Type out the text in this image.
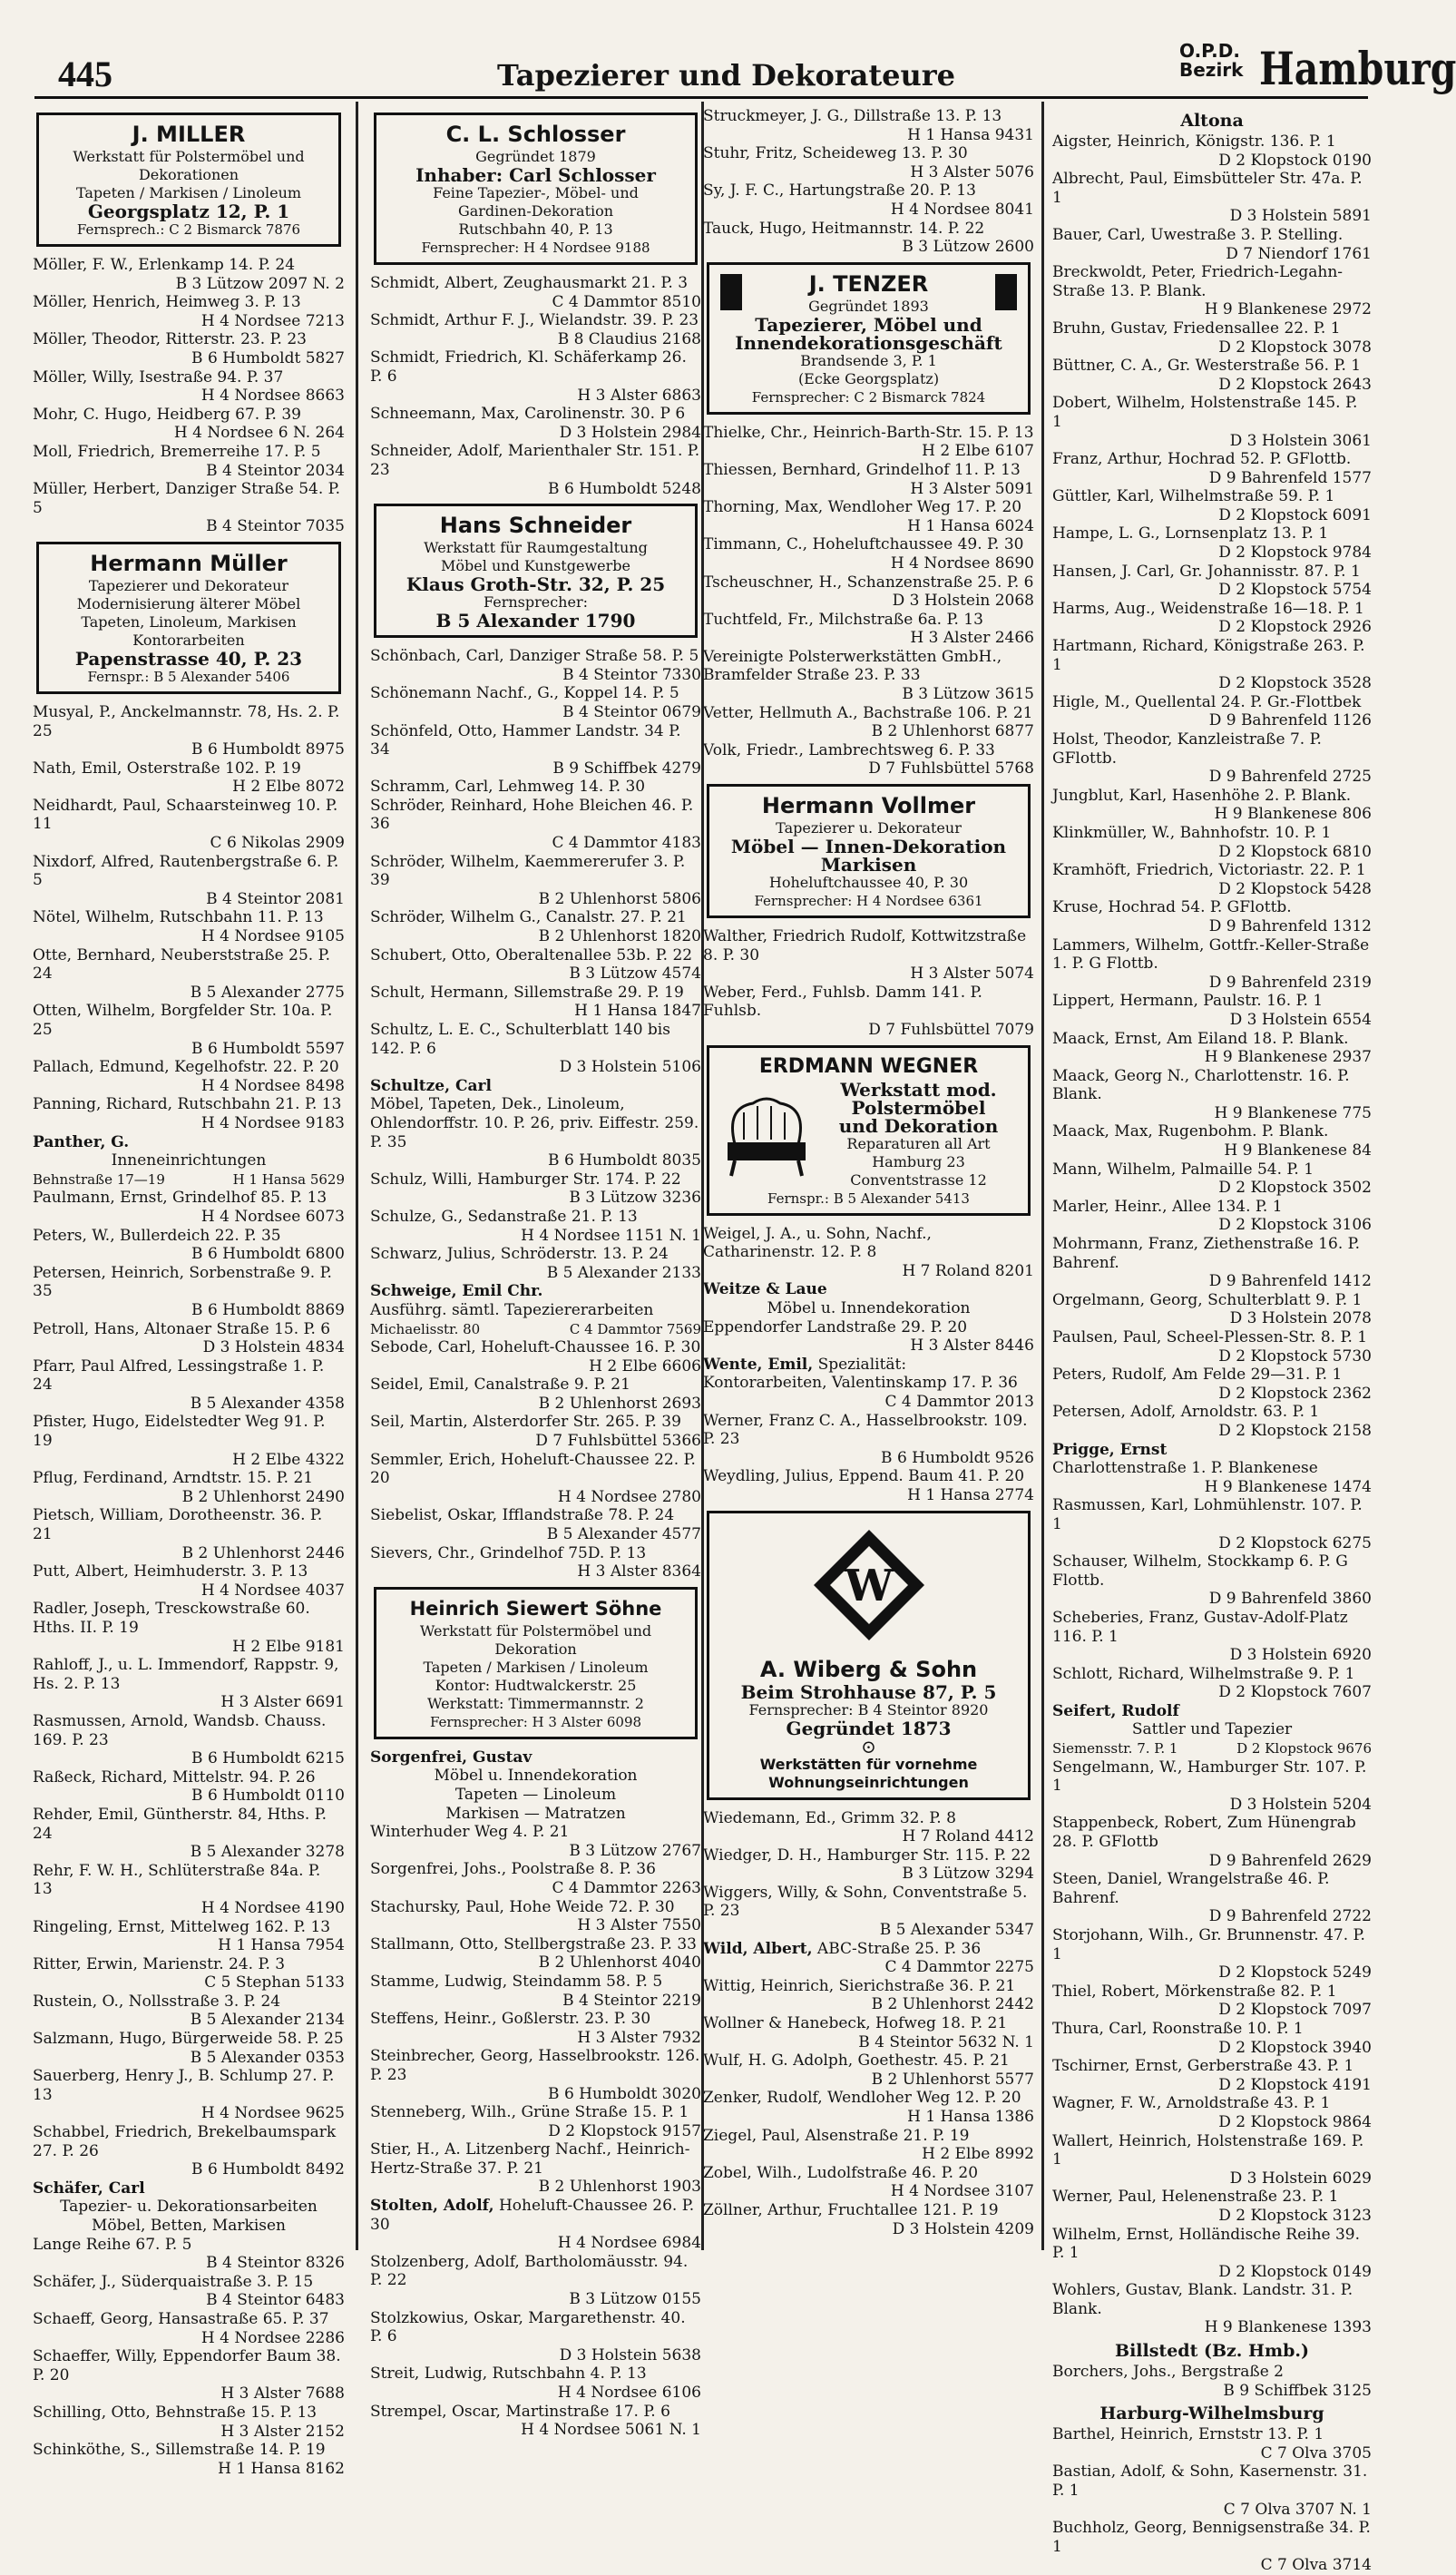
445	Tapezierer und Dekorateure
O.P.D.
Bezirk Hamburg
J. MILLER
Werkstatt für Polstermöbel und
Dekorationen
Tapeten / Markisen / Linoleum
Georgsplatz 12, P. 1
Fernsprech.: C 2 Bismarck 7876
Möller, F. W., Erlenkamp 14. P. 24
B 3 Lützow 2097 N. 2
Möller, Henrich, Heimweg 3. P. 13
H 4 Nordsee 7213
Möller, Theodor, Ritterstr. 23. P. 23
B 6 Humboldt 5827
Möller, Willy, Isestraße 94. P. 37
H 4 Nordsee 8663
Mohr, C. Hugo, Heidberg 67. P. 39
H 4 Nordsee 6 N. 264
Moll, Friedrich, Bremerreihe 17. P. 5
B 4 Steintor 2034
Müller, Herbert, Danziger Straße 54. P. 5
B 4 Steintor 7035
Hermann Müller
Tapezierer und Dekorateur
Modernisierung älterer Möbel
Tapeten, Linoleum, Markisen
Kontorarbeiten
Papenstrasse 40, P. 23
Fernspr.: B 5 Alexander 5406
Musyal, P., Anckelmannstr. 78, Hs. 2. P. 25
B 6 Humboldt 8975
Nath, Emil, Osterstraße 102. P. 19
H 2 Elbe 8072
Neidhardt, Paul, Schaarsteinweg 10. P. 11
C 6 Nikolas 2909
Nixdorf, Alfred, Rautenbergstraße 6. P. 5
B 4 Steintor 2081
Nötel, Wilhelm, Rutschbahn 11. P. 13
H 4 Nordsee 9105
Otte, Bernhard, Neuberststraße 25. P. 24
B 5 Alexander 2775
Otten, Wilhelm, Borgfelder Str. 10a. P. 25
B 6 Humboldt 5597
Pallach, Edmund, Kegelhofstr. 22. P. 20
H 4 Nordsee 8498
Panning, Richard, Rutschbahn 21. P. 13
H 4 Nordsee 9183
Panther, G.
Inneneinrichtungen
Behnstraße 17—19	H 1 Hansa 5629
Paulmann, Ernst, Grindelhof 85. P. 13
H 4 Nordsee 6073
Peters, W., Bullerdeich 22. P. 35
B 6 Humboldt 6800
Petersen, Heinrich, Sorbenstraße 9. P. 35
B 6 Humboldt 8869
Petroll, Hans, Altonaer Straße 15. P. 6
D 3 Holstein 4834
Pfarr, Paul Alfred, Lessingstraße 1. P. 24
B 5 Alexander 4358
Pfister, Hugo, Eidelstedter Weg 91. P. 19
H 2 Elbe 4322
Pflug, Ferdinand, Arndtstr. 15. P. 21
B 2 Uhlenhorst 2490
Pietsch, William, Dorotheenstr. 36. P. 21
B 2 Uhlenhorst 2446
Putt, Albert, Heimhuderstr. 3. P. 13
H 4 Nordsee 4037
Radler, Joseph, Tresckowstraße 60. Hths. II. P. 19
H 2 Elbe 9181
Rahloff, J., u. L. Immendorf, Rappstr. 9, Hs. 2. P. 13
H 3 Alster 6691
Rasmussen, Arnold, Wandsb. Chauss. 169. P. 23
B 6 Humboldt 6215
Raßeck, Richard, Mittelstr. 94. P. 26
B 6 Humboldt 0110
Rehder, Emil, Güntherstr. 84, Hths. P. 24
B 5 Alexander 3278
Rehr, F. W. H., Schlüterstraße 84a. P. 13
H 4 Nordsee 4190
Ringeling, Ernst, Mittelweg 162. P. 13
H 1 Hansa 7954
Ritter, Erwin, Marienstr. 24. P. 3
C 5 Stephan 5133
Rustein, O., Nollsstraße 3. P. 24
B 5 Alexander 2134
Salzmann, Hugo, Bürgerweide 58. P. 25
B 5 Alexander 0353
Sauerberg, Henry J., B. Schlump 27. P. 13
H 4 Nordsee 9625
Schabbel, Friedrich, Brekelbaumspark 27. P. 26
B 6 Humboldt 8492
Schäfer, Carl
Tapezier- u. Dekorationsarbeiten
Möbel, Betten, Markisen
Lange Reihe 67. P. 5
B 4 Steintor 8326
Schäfer, J., Süderquaistraße 3. P. 15
B 4 Steintor 6483
Schaeff, Georg, Hansastraße 65. P. 37
H 4 Nordsee 2286
Schaeffer, Willy, Eppendorfer Baum 38. P. 20
H 3 Alster 7688
Schilling, Otto, Behnstraße 15. P. 13
H 3 Alster 2152
Schinköthe, S., Sillemstraße 14. P. 19
H 1 Hansa 8162
C. L. Schlosser
Gegründet 1879
Inhaber: Carl Schlosser
Feine Tapezier-, Möbel- und
Gardinen-Dekoration
Rutschbahn 40, P. 13
Fernsprecher: H 4 Nordsee 9188
Schmidt, Albert, Zeughausmarkt 21. P. 3
C 4 Dammtor 8510
Schmidt, Arthur F. J., Wielandstr. 39. P. 23
B 8 Claudius 2168
Schmidt, Friedrich, Kl. Schäferkamp 26. P. 6
H 3 Alster 6863
Schneemann, Max, Carolinenstr. 30. P 6
D 3 Holstein 2984
Schneider, Adolf, Marienthaler Str. 151. P. 23
B 6 Humboldt 5248
Hans Schneider
Werkstatt für Raumgestaltung
Möbel und Kunstgewerbe
Klaus Groth-Str. 32, P. 25
Fernsprecher:
B 5 Alexander 1790
Schönbach, Carl, Danziger Straße 58. P. 5
B 4 Steintor 7330
Schönemann Nachf., G., Koppel 14. P. 5
B 4 Steintor 0679
Schönfeld, Otto, Hammer Landstr. 34 P. 34
B 9 Schiffbek 4279
Schramm, Carl, Lehmweg 14. P. 30
Schröder, Reinhard, Hohe Bleichen 46. P. 36
C 4 Dammtor 4183
Schröder, Wilhelm, Kaemmererufer 3. P. 39
B 2 Uhlenhorst 5806
Schröder, Wilhelm G., Canalstr. 27. P. 21
B 2 Uhlenhorst 1820
Schubert, Otto, Oberaltenallee 53b. P. 22
B 3 Lützow 4574
Schult, Hermann, Sillemstraße 29. P. 19
H 1 Hansa 1847
Schultz, L. E. C., Schulterblatt 140 bis 142. P. 6
D 3 Holstein 5106
Schultze, Carl
Möbel, Tapeten, Dek., Linoleum, Ohlendorffstr. 10. P. 26, priv. Eiffestr. 259. P. 35
B 6 Humboldt 8035
Schulz, Willi, Hamburger Str. 174. P. 22
B 3 Lützow 3236
Schulze, G., Sedanstraße 21. P. 13
H 4 Nordsee 1151 N. 1
Schwarz, Julius, Schröderstr. 13. P. 24
B 5 Alexander 2133
Schweige, Emil Chr.
Ausführg. sämtl. Tapeziererarbeiten
Michaelisstr. 80	C 4 Dammtor 7569
Sebode, Carl, Hoheluft-Chaussee 16. P. 30
H 2 Elbe 6606
Seidel, Emil, Canalstraße 9. P. 21
B 2 Uhlenhorst 2693
Seil, Martin, Alsterdorfer Str. 265. P. 39
D 7 Fuhlsbüttel 5366
Semmler, Erich, Hoheluft-Chaussee 22. P. 20
H 4 Nordsee 2780
Siebelist, Oskar, Ifflandstraße 78. P. 24
B 5 Alexander 4577
Sievers, Chr., Grindelhof 75D. P. 13
H 3 Alster 8364
Heinrich Siewert Söhne
Werkstatt für Polstermöbel und
Dekoration
Tapeten / Markisen / Linoleum
Kontor: Hudtwalckerstr. 25
Werkstatt: Timmermannstr. 2
Fernsprecher: H 3 Alster 6098
Sorgenfrei, Gustav
Möbel u. Innendekoration
Tapeten — Linoleum
Markisen — Matratzen
Winterhuder Weg 4. P. 21
B 3 Lützow 2767
Sorgenfrei, Johs., Poolstraße 8. P. 36
C 4 Dammtor 2263
Stachursky, Paul, Hohe Weide 72. P. 30
H 3 Alster 7550
Stallmann, Otto, Stellbergstraße 23. P. 33
B 2 Uhlenhorst 4040
Stamme, Ludwig, Steindamm 58. P. 5
B 4 Steintor 2219
Steffens, Heinr., Goßlerstr. 23. P. 30
H 3 Alster 7932
Steinbrecher, Georg, Hasselbrookstr. 126. P. 23
B 6 Humboldt 3020
Stenneberg, Wilh., Grüne Straße 15. P. 1
D 2 Klopstock 9157
Stier, H., A. Litzenberg Nachf., Heinrich-Hertz-Straße 37. P. 21
B 2 Uhlenhorst 1903
Stolten, Adolf, Hoheluft-Chaussee 26. P. 30
H 4 Nordsee 6984
Stolzenberg, Adolf, Bartholomäusstr. 94. P. 22
B 3 Lützow 0155
Stolzkowius, Oskar, Margarethenstr. 40. P. 6
D 3 Holstein 5638
Streit, Ludwig, Rutschbahn 4. P. 13
H 4 Nordsee 6106
Strempel, Oscar, Martinstraße 17. P. 6
H 4 Nordsee 5061 N. 1
Struckmeyer, J. G., Dillstraße 13. P. 13
H 1 Hansa 9431
Stuhr, Fritz, Scheideweg 13. P. 30
H 3 Alster 5076
Sy, J. F. C., Hartungstraße 20. P. 13
H 4 Nordsee 8041
Tauck, Hugo, Heitmannstr. 14. P. 22
B 3 Lützow 2600
J. TENZER
Gegründet 1893
Tapezierer, Möbel und
Innendekorationsgeschäft
Brandsende 3, P. 1
(Ecke Georgsplatz)
Fernsprecher: C 2 Bismarck 7824
Thielke, Chr., Heinrich-Barth-Str. 15. P. 13
H 2 Elbe 6107
Thiessen, Bernhard, Grindelhof 11. P. 13
H 3 Alster 5091
Thorning, Max, Wendloher Weg 17. P. 20
H 1 Hansa 6024
Timmann, C., Hoheluftchaussee 49. P. 30
H 4 Nordsee 8690
Tscheuschner, H., Schanzenstraße 25. P. 6
D 3 Holstein 2068
Tuchtfeld, Fr., Milchstraße 6a. P. 13
H 3 Alster 2466
Vereinigte Polsterwerkstätten GmbH., Bramfelder Straße 23. P. 33
B 3 Lützow 3615
Vetter, Hellmuth A., Bachstraße 106. P. 21
B 2 Uhlenhorst 6877
Volk, Friedr., Lambrechtsweg 6. P. 33
D 7 Fuhlsbüttel 5768
Hermann Vollmer
Tapezierer u. Dekorateur
Möbel — Innen-Dekoration
Markisen
Hoheluftchaussee 40, P. 30
Fernsprecher: H 4 Nordsee 6361
Walther, Friedrich Rudolf, Kottwitzstraße 8. P. 30
H 3 Alster 5074
Weber, Ferd., Fuhlsb. Damm 141. P. Fuhlsb.
D 7 Fuhlsbüttel 7079
ERDMANN WEGNER
Werkstatt mod.
Polstermöbel
und Dekoration
Reparaturen all Art
Hamburg 23
Conventstrasse 12
Fernspr.: B 5 Alexander 5413
Weigel, J. A., u. Sohn, Nachf., Catharinenstr. 12. P. 8
H 7 Roland 8201
Weitze & Laue
Möbel u. Innendekoration
Eppendorfer Landstraße 29. P. 20
H 3 Alster 8446
Wente, Emil, Spezialität: Kontorarbeiten, Valentinskamp 17. P. 36
C 4 Dammtor 2013
Werner, Franz C. A., Hasselbrookstr. 109. P. 23
B 6 Humboldt 9526
Weydling, Julius, Eppend. Baum 41. P. 20
H 1 Hansa 2774
W
A. Wiberg & Sohn
Beim Strohhause 87, P. 5
Fernsprecher: B 4 Steintor 8920
Gegründet 1873
⊙
Werkstätten für vornehme
Wohnungseinrichtungen
Wiedemann, Ed., Grimm 32. P. 8
H 7 Roland 4412
Wiedger, D. H., Hamburger Str. 115. P. 22
B 3 Lützow 3294
Wiggers, Willy, & Sohn, Conventstraße 5. P. 23
B 5 Alexander 5347
Wild, Albert, ABC-Straße 25. P. 36
C 4 Dammtor 2275
Wittig, Heinrich, Sierichstraße 36. P. 21
B 2 Uhlenhorst 2442
Wollner & Hanebeck, Hofweg 18. P. 21
B 4 Steintor 5632 N. 1
Wulf, H. G. Adolph, Goethestr. 45. P. 21
B 2 Uhlenhorst 5577
Zenker, Rudolf, Wendloher Weg 12. P. 20
H 1 Hansa 1386
Ziegel, Paul, Alsenstraße 21. P. 19
H 2 Elbe 8992
Zobel, Wilh., Ludolfstraße 46. P. 20
H 4 Nordsee 3107
Zöllner, Arthur, Fruchtallee 121. P. 19
D 3 Holstein 4209
Altona
Aigster, Heinrich, Königstr. 136. P. 1
D 2 Klopstock 0190
Albrecht, Paul, Eimsbütteler Str. 47a. P. 1
D 3 Holstein 5891
Bauer, Carl, Uwestraße 3. P. Stelling.
D 7 Niendorf 1761
Breckwoldt, Peter, Friedrich-Legahn-Straße 13. P. Blank.
H 9 Blankenese 2972
Bruhn, Gustav, Friedensallee 22. P. 1
D 2 Klopstock 3078
Büttner, C. A., Gr. Westerstraße 56. P. 1
D 2 Klopstock 2643
Dobert, Wilhelm, Holstenstraße 145. P. 1
D 3 Holstein 3061
Franz, Arthur, Hochrad 52. P. GFlottb.
D 9 Bahrenfeld 1577
Güttler, Karl, Wilhelmstraße 59. P. 1
D 2 Klopstock 6091
Hampe, L. G., Lornsenplatz 13. P. 1
D 2 Klopstock 9784
Hansen, J. Carl, Gr. Johannisstr. 87. P. 1
D 2 Klopstock 5754
Harms, Aug., Weidenstraße 16—18. P. 1
D 2 Klopstock 2926
Hartmann, Richard, Königstraße 263. P. 1
D 2 Klopstock 3528
Higle, M., Quellental 24. P. Gr.-Flottbek
D 9 Bahrenfeld 1126
Holst, Theodor, Kanzleistraße 7. P. GFlottb.
D 9 Bahrenfeld 2725
Jungblut, Karl, Hasenhöhe 2. P. Blank.
H 9 Blankenese 806
Klinkmüller, W., Bahnhofstr. 10. P. 1
D 2 Klopstock 6810
Kramhöft, Friedrich, Victoriastr. 22. P. 1
D 2 Klopstock 5428
Kruse, Hochrad 54. P. GFlottb.
D 9 Bahrenfeld 1312
Lammers, Wilhelm, Gottfr.-Keller-Straße 1. P. G Flottb.
D 9 Bahrenfeld 2319
Lippert, Hermann, Paulstr. 16. P. 1
D 3 Holstein 6554
Maack, Ernst, Am Eiland 18. P. Blank.
H 9 Blankenese 2937
Maack, Georg N., Charlottenstr. 16. P. Blank.
H 9 Blankenese 775
Maack, Max, Rugenbohm. P. Blank.
H 9 Blankenese 84
Mann, Wilhelm, Palmaille 54. P. 1
D 2 Klopstock 3502
Marler, Heinr., Allee 134. P. 1
D 2 Klopstock 3106
Mohrmann, Franz, Ziethenstraße 16. P. Bahrenf.
D 9 Bahrenfeld 1412
Orgelmann, Georg, Schulterblatt 9. P. 1
D 3 Holstein 2078
Paulsen, Paul, Scheel-Plessen-Str. 8. P. 1
D 2 Klopstock 5730
Peters, Rudolf, Am Felde 29—31. P. 1
D 2 Klopstock 2362
Petersen, Adolf, Arnoldstr. 63. P. 1
D 2 Klopstock 2158
Prigge, Ernst
Charlottenstraße 1. P. Blankenese
H 9 Blankenese 1474
Rasmussen, Karl, Lohmühlenstr. 107. P. 1
D 2 Klopstock 6275
Schauser, Wilhelm, Stockkamp 6. P. G Flottb.
D 9 Bahrenfeld 3860
Scheberies, Franz, Gustav-Adolf-Platz 116. P. 1
D 3 Holstein 6920
Schlott, Richard, Wilhelmstraße 9. P. 1
D 2 Klopstock 7607
Seifert, Rudolf
Sattler und Tapezier
Siemensstr. 7. P. 1	D 2 Klopstock 9676
Sengelmann, W., Hamburger Str. 107. P. 1
D 3 Holstein 5204
Stappenbeck, Robert, Zum Hünengrab 28. P. GFlottb
D 9 Bahrenfeld 2629
Steen, Daniel, Wrangelstraße 46. P. Bahrenf.
D 9 Bahrenfeld 2722
Storjohann, Wilh., Gr. Brunnenstr. 47. P. 1
D 2 Klopstock 5249
Thiel, Robert, Mörkenstraße 82. P. 1
D 2 Klopstock 7097
Thura, Carl, Roonstraße 10. P. 1
D 2 Klopstock 3940
Tschirner, Ernst, Gerberstraße 43. P. 1
D 2 Klopstock 4191
Wagner, F. W., Arnoldstraße 43. P. 1
D 2 Klopstock 9864
Wallert, Heinrich, Holstenstraße 169. P. 1
D 3 Holstein 6029
Werner, Paul, Helenenstraße 23. P. 1
D 2 Klopstock 3123
Wilhelm, Ernst, Holländische Reihe 39. P. 1
D 2 Klopstock 0149
Wohlers, Gustav, Blank. Landstr. 31. P. Blank.
H 9 Blankenese 1393
Billstedt (Bz. Hmb.)
Borchers, Johs., Bergstraße 2
B 9 Schiffbek 3125
Harburg-Wilhelmsburg
Barthel, Heinrich, Ernststr 13. P. 1
C 7 Olva 3705
Bastian, Adolf, & Sohn, Kasernenstr. 31. P. 1
C 7 Olva 3707 N. 1
Buchholz, Georg, Bennigsenstraße 34. P. 1
C 7 Olva 3714
